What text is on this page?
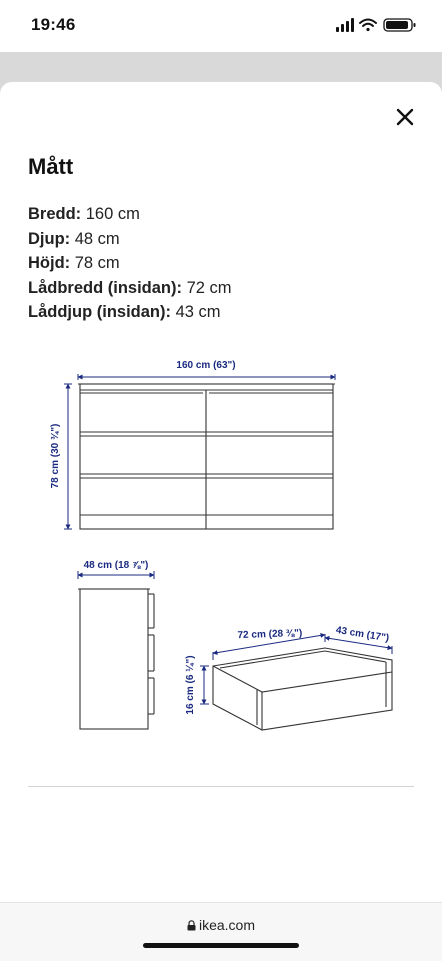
19:46
Mått
Bredd: 160 cm
Djup: 48 cm
Höjd: 78 cm
Lådbredd (insidan): 72 cm
Låddjup (insidan): 43 cm
160 cm (63")
78 cm (30 ¾")
48 cm (18 ⅞")
72 cm (28 ⅜")	43 cm (17")
16 cm (6 ¼")
ikea.com
